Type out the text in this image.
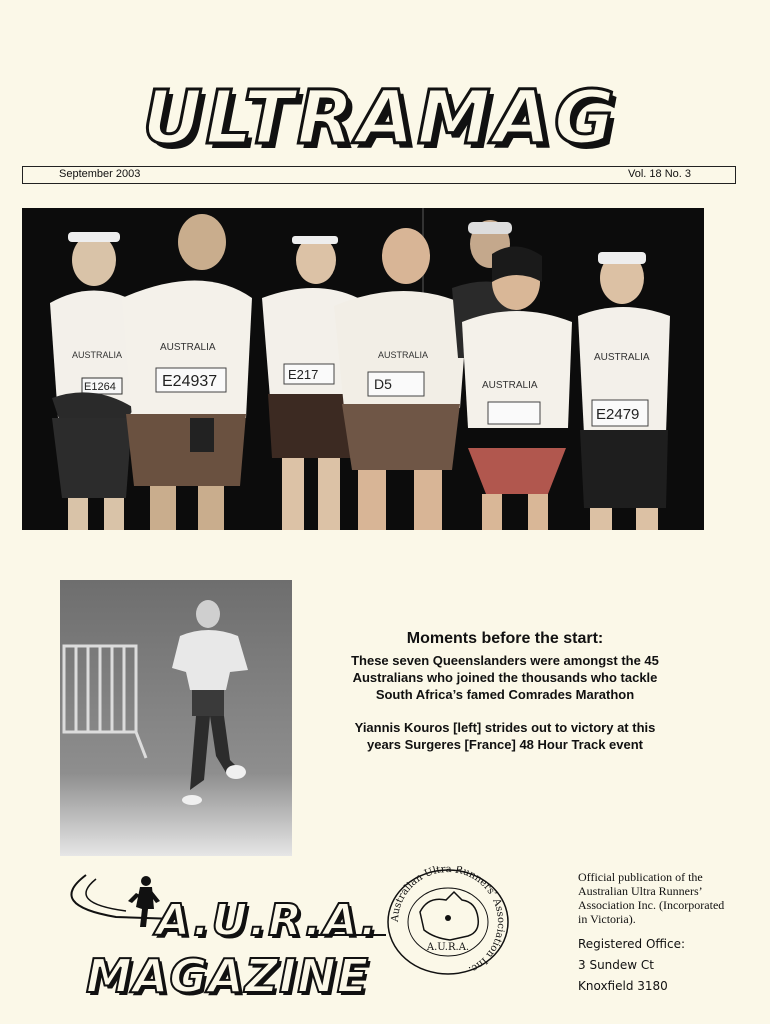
ULTRAMAG
September 2003	Vol. 18 No. 3
E1264
AUSTRALIA
E24937
AUSTRALIA
E217
D5
AUSTRALIA
AUSTRALIA
E2479
AUSTRALIA
Moments before the start:
These seven Queenslanders were amongst the 45 Australians who joined the thousands who tackle South Africa’s famed Comrades Marathon
Yiannis Kouros [left] strides out to victory at this years Surgeres [France] 48 Hour Track event
A.U.R.A.
MAGAZINE
Australian Ultra Runners’ Association Inc.
A.U.R.A.
Official publication of the Australian Ultra Runners’ Association Inc. (Incorporated in Victoria).
Registered Office:
3 Sundew Ct
Knoxfield 3180
